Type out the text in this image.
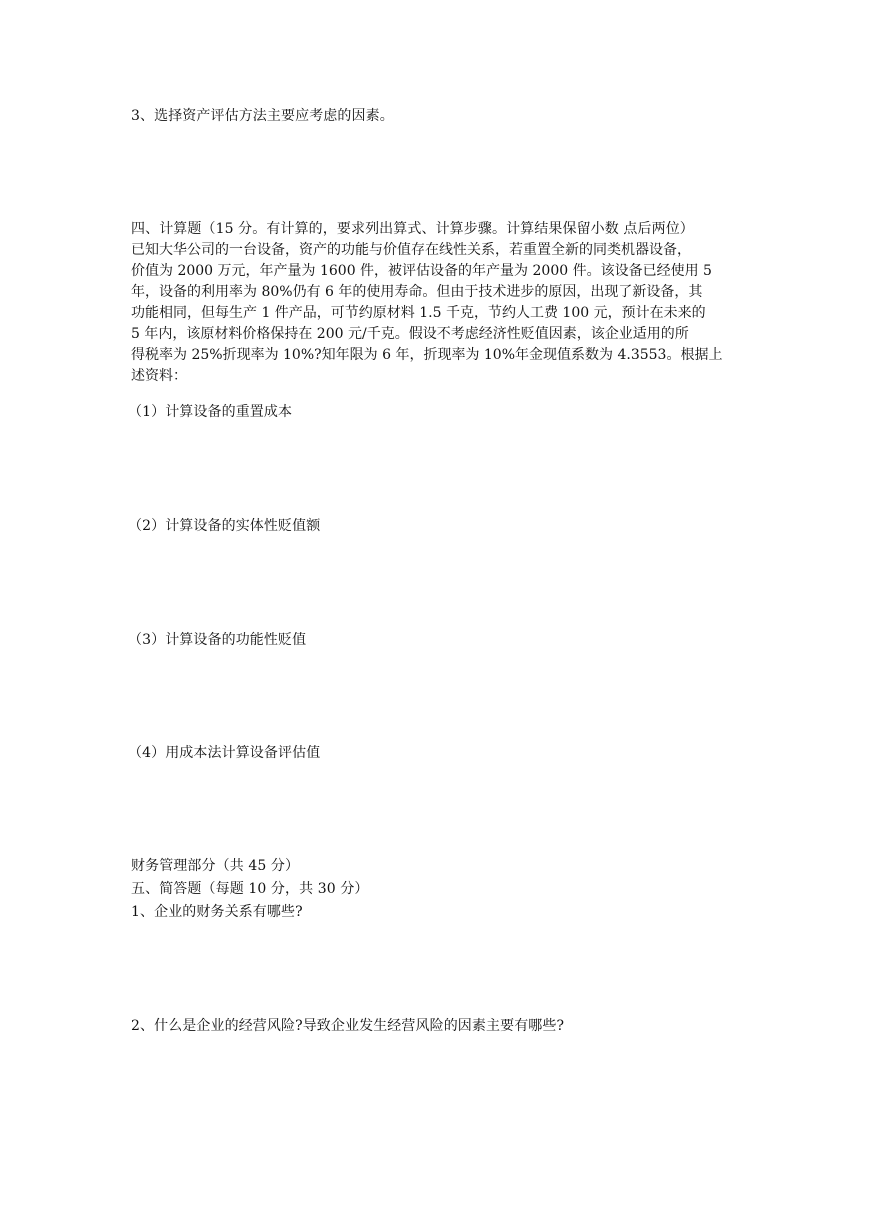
3、选择资产评估方法主要应考虑的因素。
四、计算题（15 分。有计算的，要求列出算式、计算步骤。计算结果保留小数 点后两位）
已知大华公司的一台设备，资产的功能与价值存在线性关系，若重置全新的同类机器设备，
价值为 2000 万元，年产量为 1600 件，被评估设备的年产量为 2000 件。该设备已经使用 5
年，设备的利用率为 80%仍有 6 年的使用寿命。但由于技术进步的原因，出现了新设备，其
功能相同，但每生产 1 件产品，可节约原材料 1.5 千克，节约人工费 100 元，预计在未来的
5 年内，该原材料价格保持在 200 元/千克。假设不考虑经济性贬值因素，该企业适用的所
得税率为 25%折现率为 10%?知年限为 6 年，折现率为 10%年金现值系数为 4.3553。根据上
述资料：
（1）计算设备的重置成本
（2）计算设备的实体性贬值额
（3）计算设备的功能性贬值
（4）用成本法计算设备评估值
财务管理部分（共 45 分）
五、简答题（每题 10 分，共 30 分）
1、企业的财务关系有哪些?
2、什么是企业的经营风险?导致企业发生经营风险的因素主要有哪些?
